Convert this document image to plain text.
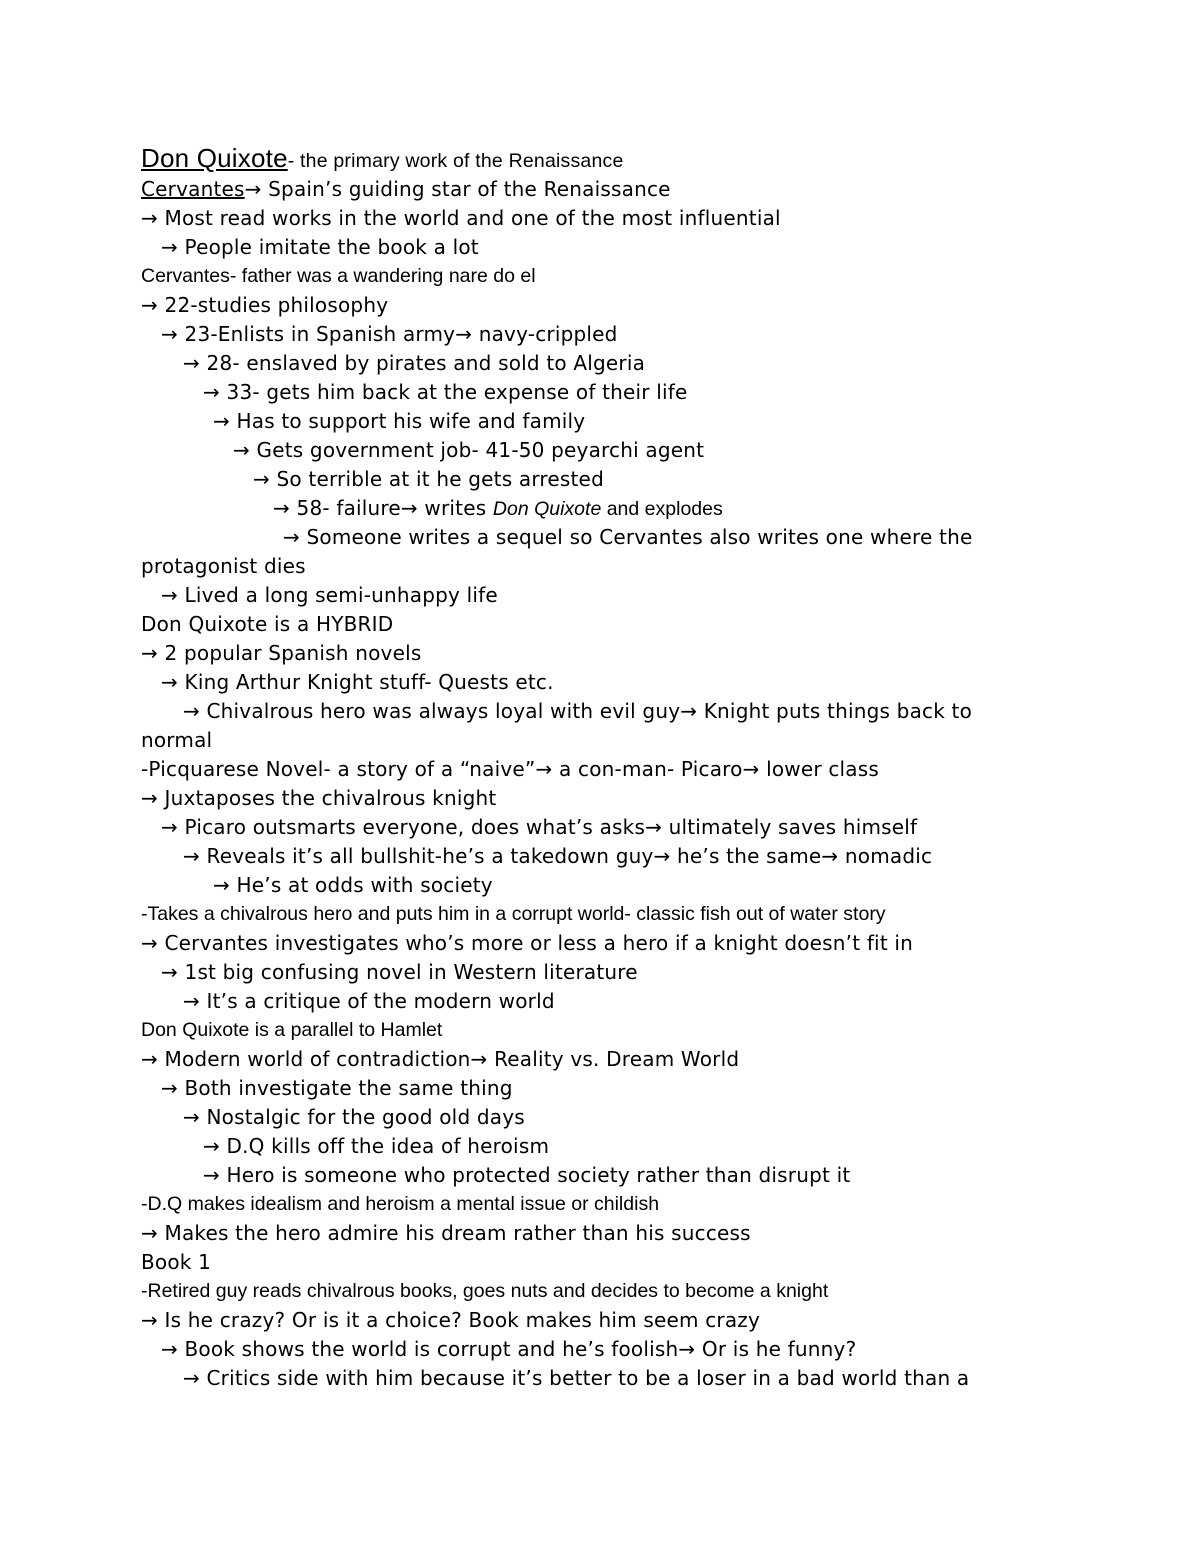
Don Quixote- the primary work of the Renaissance
Cervantes→ Spain’s guiding star of the Renaissance
→ Most read works in the world and one of the most influential
→ People imitate the book a lot
Cervantes- father was a wandering nare do el
→ 22-studies philosophy
→ 23-Enlists in Spanish army→ navy-crippled
→ 28- enslaved by pirates and sold to Algeria
→ 33- gets him back at the expense of their life
→ Has to support his wife and family
→ Gets government job- 41-50 peyarchi agent
→ So terrible at it he gets arrested
→ 58- failure→ writes Don Quixote and explodes
→ Someone writes a sequel so Cervantes also writes one where the
protagonist dies
→ Lived a long semi-unhappy life
Don Quixote is a HYBRID
→ 2 popular Spanish novels
→ King Arthur Knight stuff- Quests etc.
→ Chivalrous hero was always loyal with evil guy→ Knight puts things back to
normal
-Picquarese Novel- a story of a “naive”→ a con-man- Picaro→ lower class
→ Juxtaposes the chivalrous knight
→ Picaro outsmarts everyone, does what’s asks→ ultimately saves himself
→ Reveals it’s all bullshit-he’s a takedown guy→ he’s the same→ nomadic
→ He’s at odds with society
-Takes a chivalrous hero and puts him in a corrupt world- classic fish out of water story
→ Cervantes investigates who’s more or less a hero if a knight doesn’t fit in
→ 1st big confusing novel in Western literature
→ It’s a critique of the modern world
Don Quixote is a parallel to Hamlet
→ Modern world of contradiction→ Reality vs. Dream World
→ Both investigate the same thing
→ Nostalgic for the good old days
→ D.Q kills off the idea of heroism
→ Hero is someone who protected society rather than disrupt it
-D.Q makes idealism and heroism a mental issue or childish
→ Makes the hero admire his dream rather than his success
Book 1
-Retired guy reads chivalrous books, goes nuts and decides to become a knight
→ Is he crazy? Or is it a choice? Book makes him seem crazy
→ Book shows the world is corrupt and he’s foolish→ Or is he funny?
→ Critics side with him because it’s better to be a loser in a bad world than a
